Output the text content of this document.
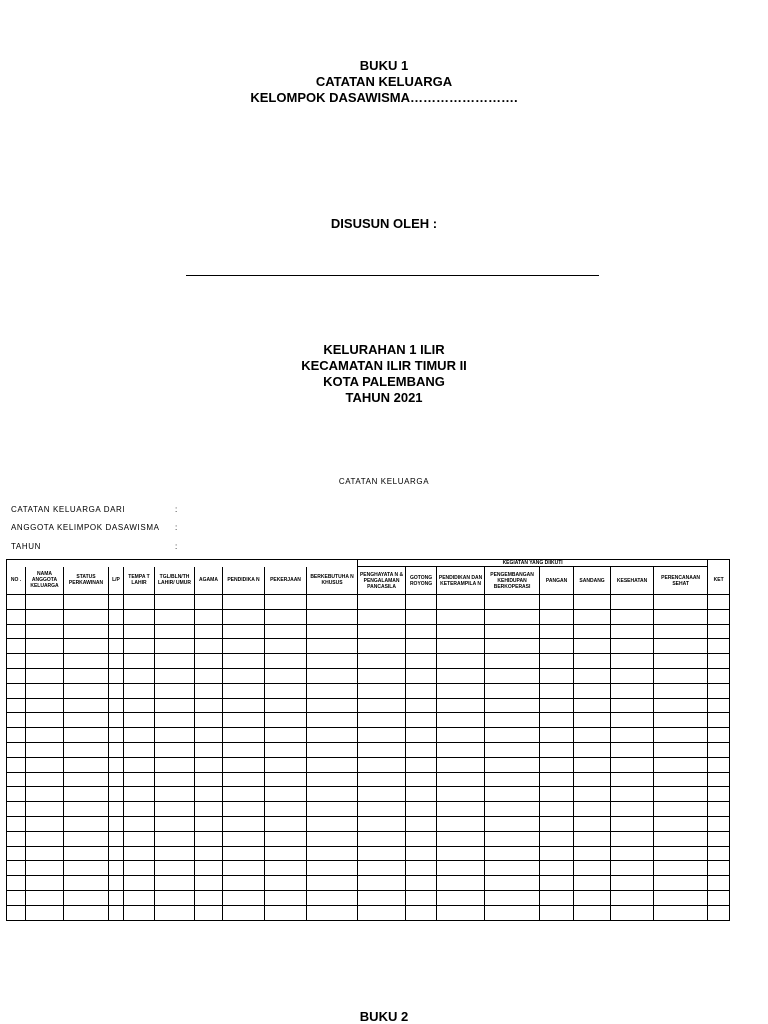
BUKU 1
CATATAN KELUARGA
KELOMPOK DASAWISMA…………………….
DISUSUN OLEH :
KELURAHAN 1 ILIR
KECAMATAN ILIR TIMUR II
KOTA PALEMBANG
TAHUN 2021
CATATAN KELUARGA
CATATAN KELUARGA DARI	:
ANGGOTA KELIMPOK DASAWISMA :
TAHUN	:
										KEGIATAN YANG DIIKUTI								
NO .	NAMA ANGGOTA KELUARGA	STATUS PERKAWINAN	L/P	TEMPA T LAHIR	TGL/BLN/TH LAHIR/ UMUR	AGAMA	PENDIDIKA N	PEKERJAAN	BERKEBUTUHA N KHUSUS	PENGHAYATA N & PENGALAMAN PANCASILA	GOTONG ROYONG	PENDIDIKAN DAN KETERAMPILA N	PENGEMBANGAN KEHIDUPAN BERKOPERASI	PANGAN	SANDANG	KESEHATAN	PERENCANAAN SEHAT	KET

BUKU 2
